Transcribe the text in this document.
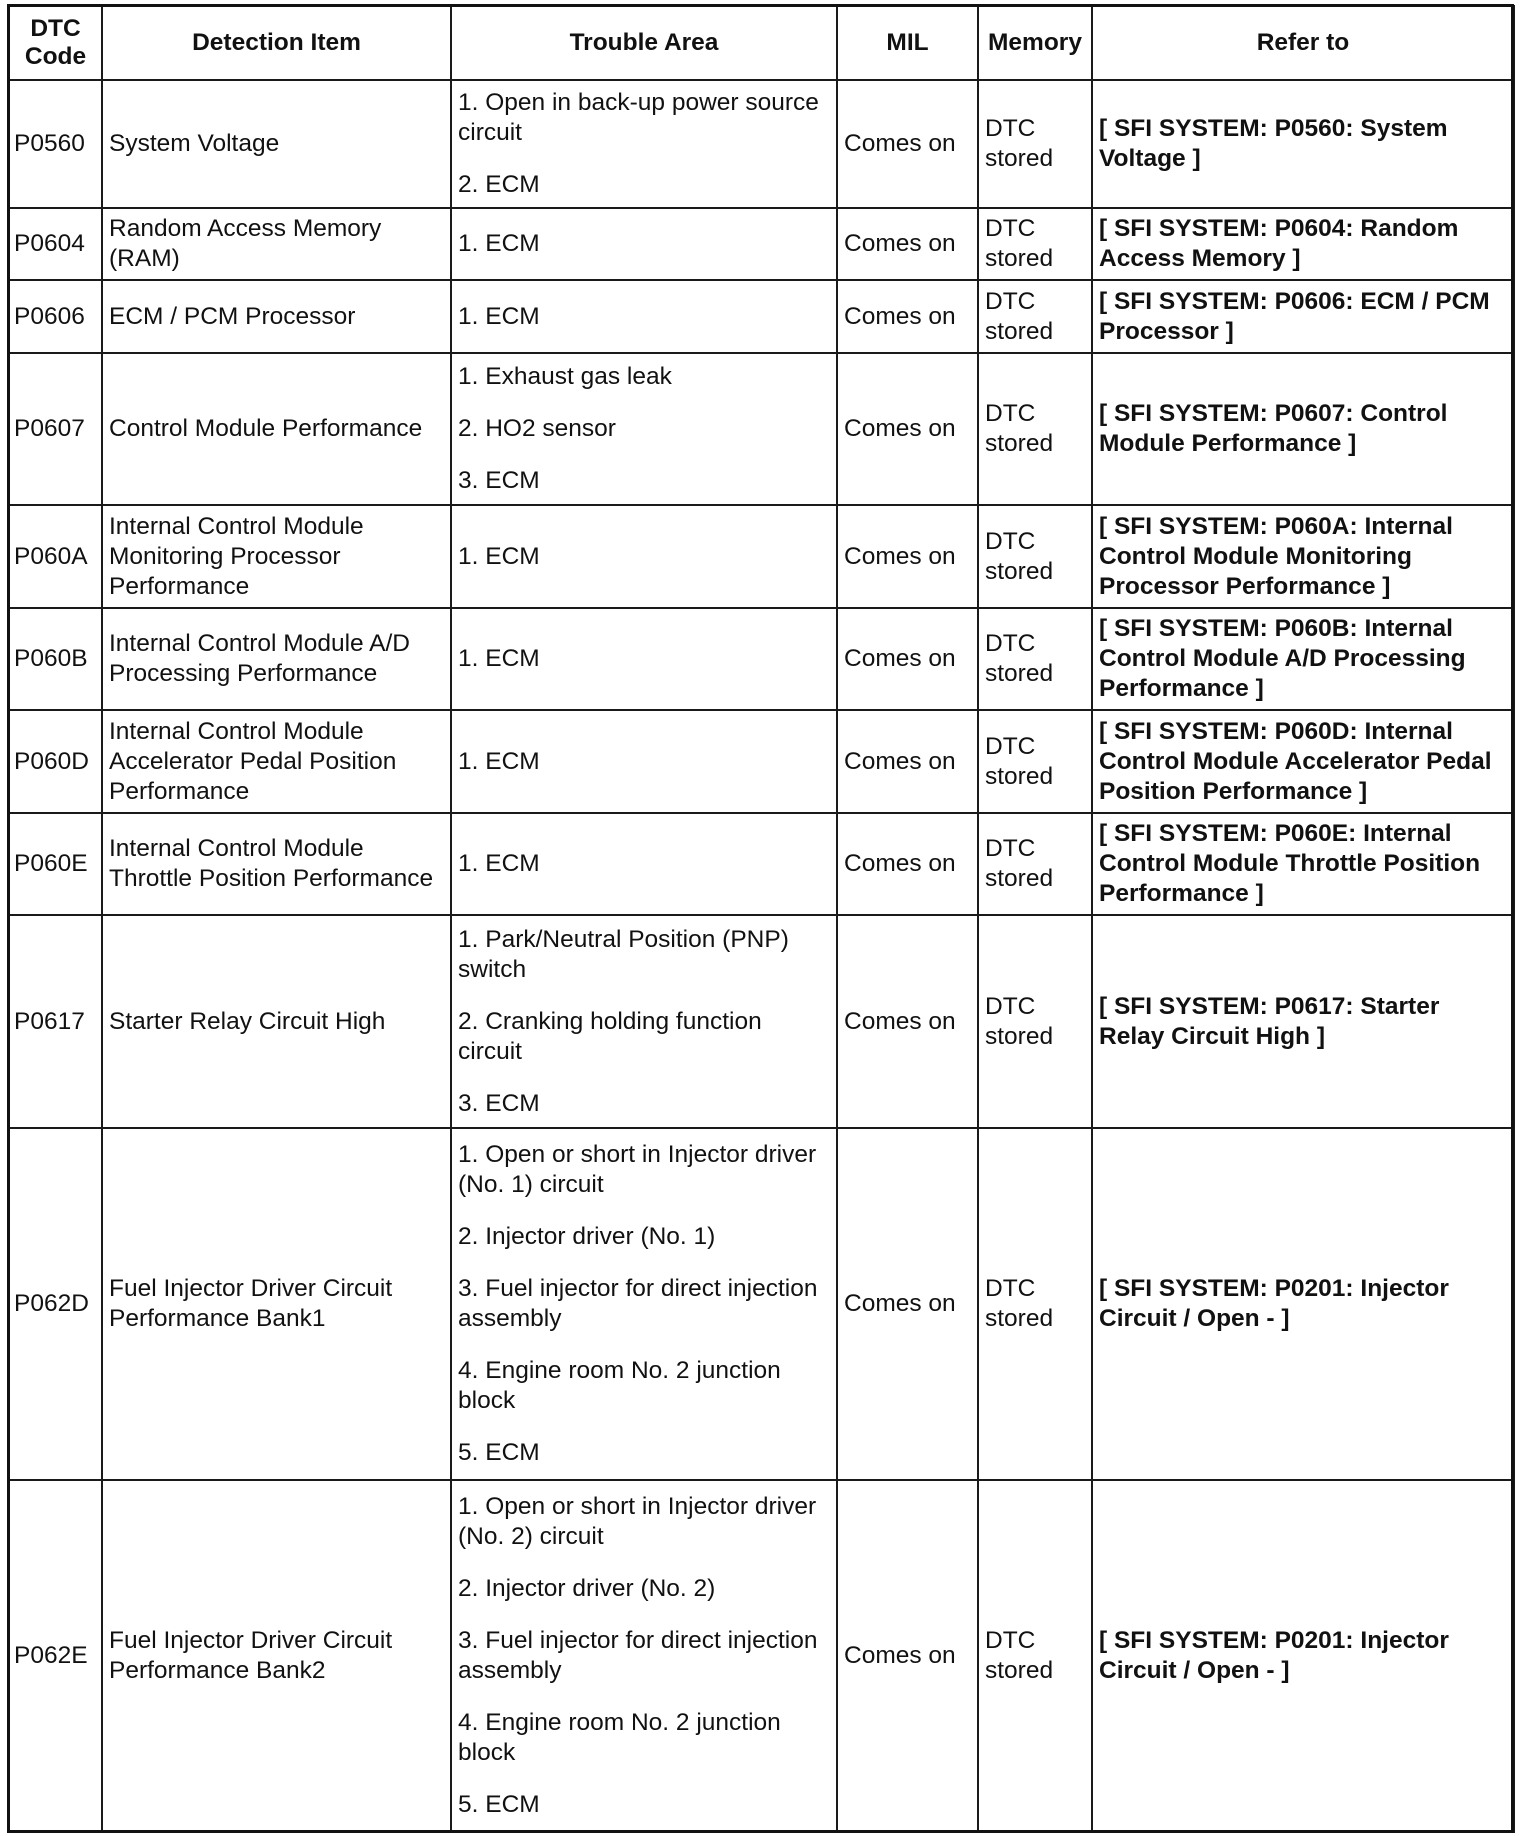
DTC Code	Detection Item	Trouble Area	MIL	Memory	Refer to
P0560	System Voltage	1. Open in back-up power source circuit
2. ECM	Comes on	DTC stored	[ SFI SYSTEM: P0560: System Voltage ]
P0604	Random Access Memory (RAM)	1. ECM	Comes on	DTC stored	[ SFI SYSTEM: P0604: Random Access Memory ]
P0606	ECM / PCM Processor	1. ECM	Comes on	DTC stored	[ SFI SYSTEM: P0606: ECM / PCM Processor ]
P0607	Control Module Performance	1. Exhaust gas leak
2. HO2 sensor
3. ECM	Comes on	DTC stored	[ SFI SYSTEM: P0607: Control Module Performance ]
P060A	Internal Control Module Monitoring Processor Performance	1. ECM	Comes on	DTC stored	[ SFI SYSTEM: P060A: Internal Control Module Monitoring Processor Performance ]
P060B	Internal Control Module A/D Processing Performance	1. ECM	Comes on	DTC stored	[ SFI SYSTEM: P060B: Internal Control Module A/D Processing Performance ]
P060D	Internal Control Module Accelerator Pedal Position Performance	1. ECM	Comes on	DTC stored	[ SFI SYSTEM: P060D: Internal Control Module Accelerator Pedal Position Performance ]
P060E	Internal Control Module Throttle Position Performance	1. ECM	Comes on	DTC stored	[ SFI SYSTEM: P060E: Internal Control Module Throttle Position Performance ]
P0617	Starter Relay Circuit High	1. Park/Neutral Position (PNP) switch
2. Cranking holding function circuit
3. ECM	Comes on	DTC stored	[ SFI SYSTEM: P0617: Starter Relay Circuit High ]
P062D	Fuel Injector Driver Circuit Performance Bank1	1. Open or short in Injector driver (No. 1) circuit
2. Injector driver (No. 1)
3. Fuel injector for direct injection assembly
4. Engine room No. 2 junction block
5. ECM	Comes on	DTC stored	[ SFI SYSTEM: P0201: Injector Circuit / Open - ]
P062E	Fuel Injector Driver Circuit Performance Bank2	1. Open or short in Injector driver (No. 2) circuit
2. Injector driver (No. 2)
3. Fuel injector for direct injection assembly
4. Engine room No. 2 junction block
5. ECM	Comes on	DTC stored	[ SFI SYSTEM: P0201: Injector Circuit / Open - ]
